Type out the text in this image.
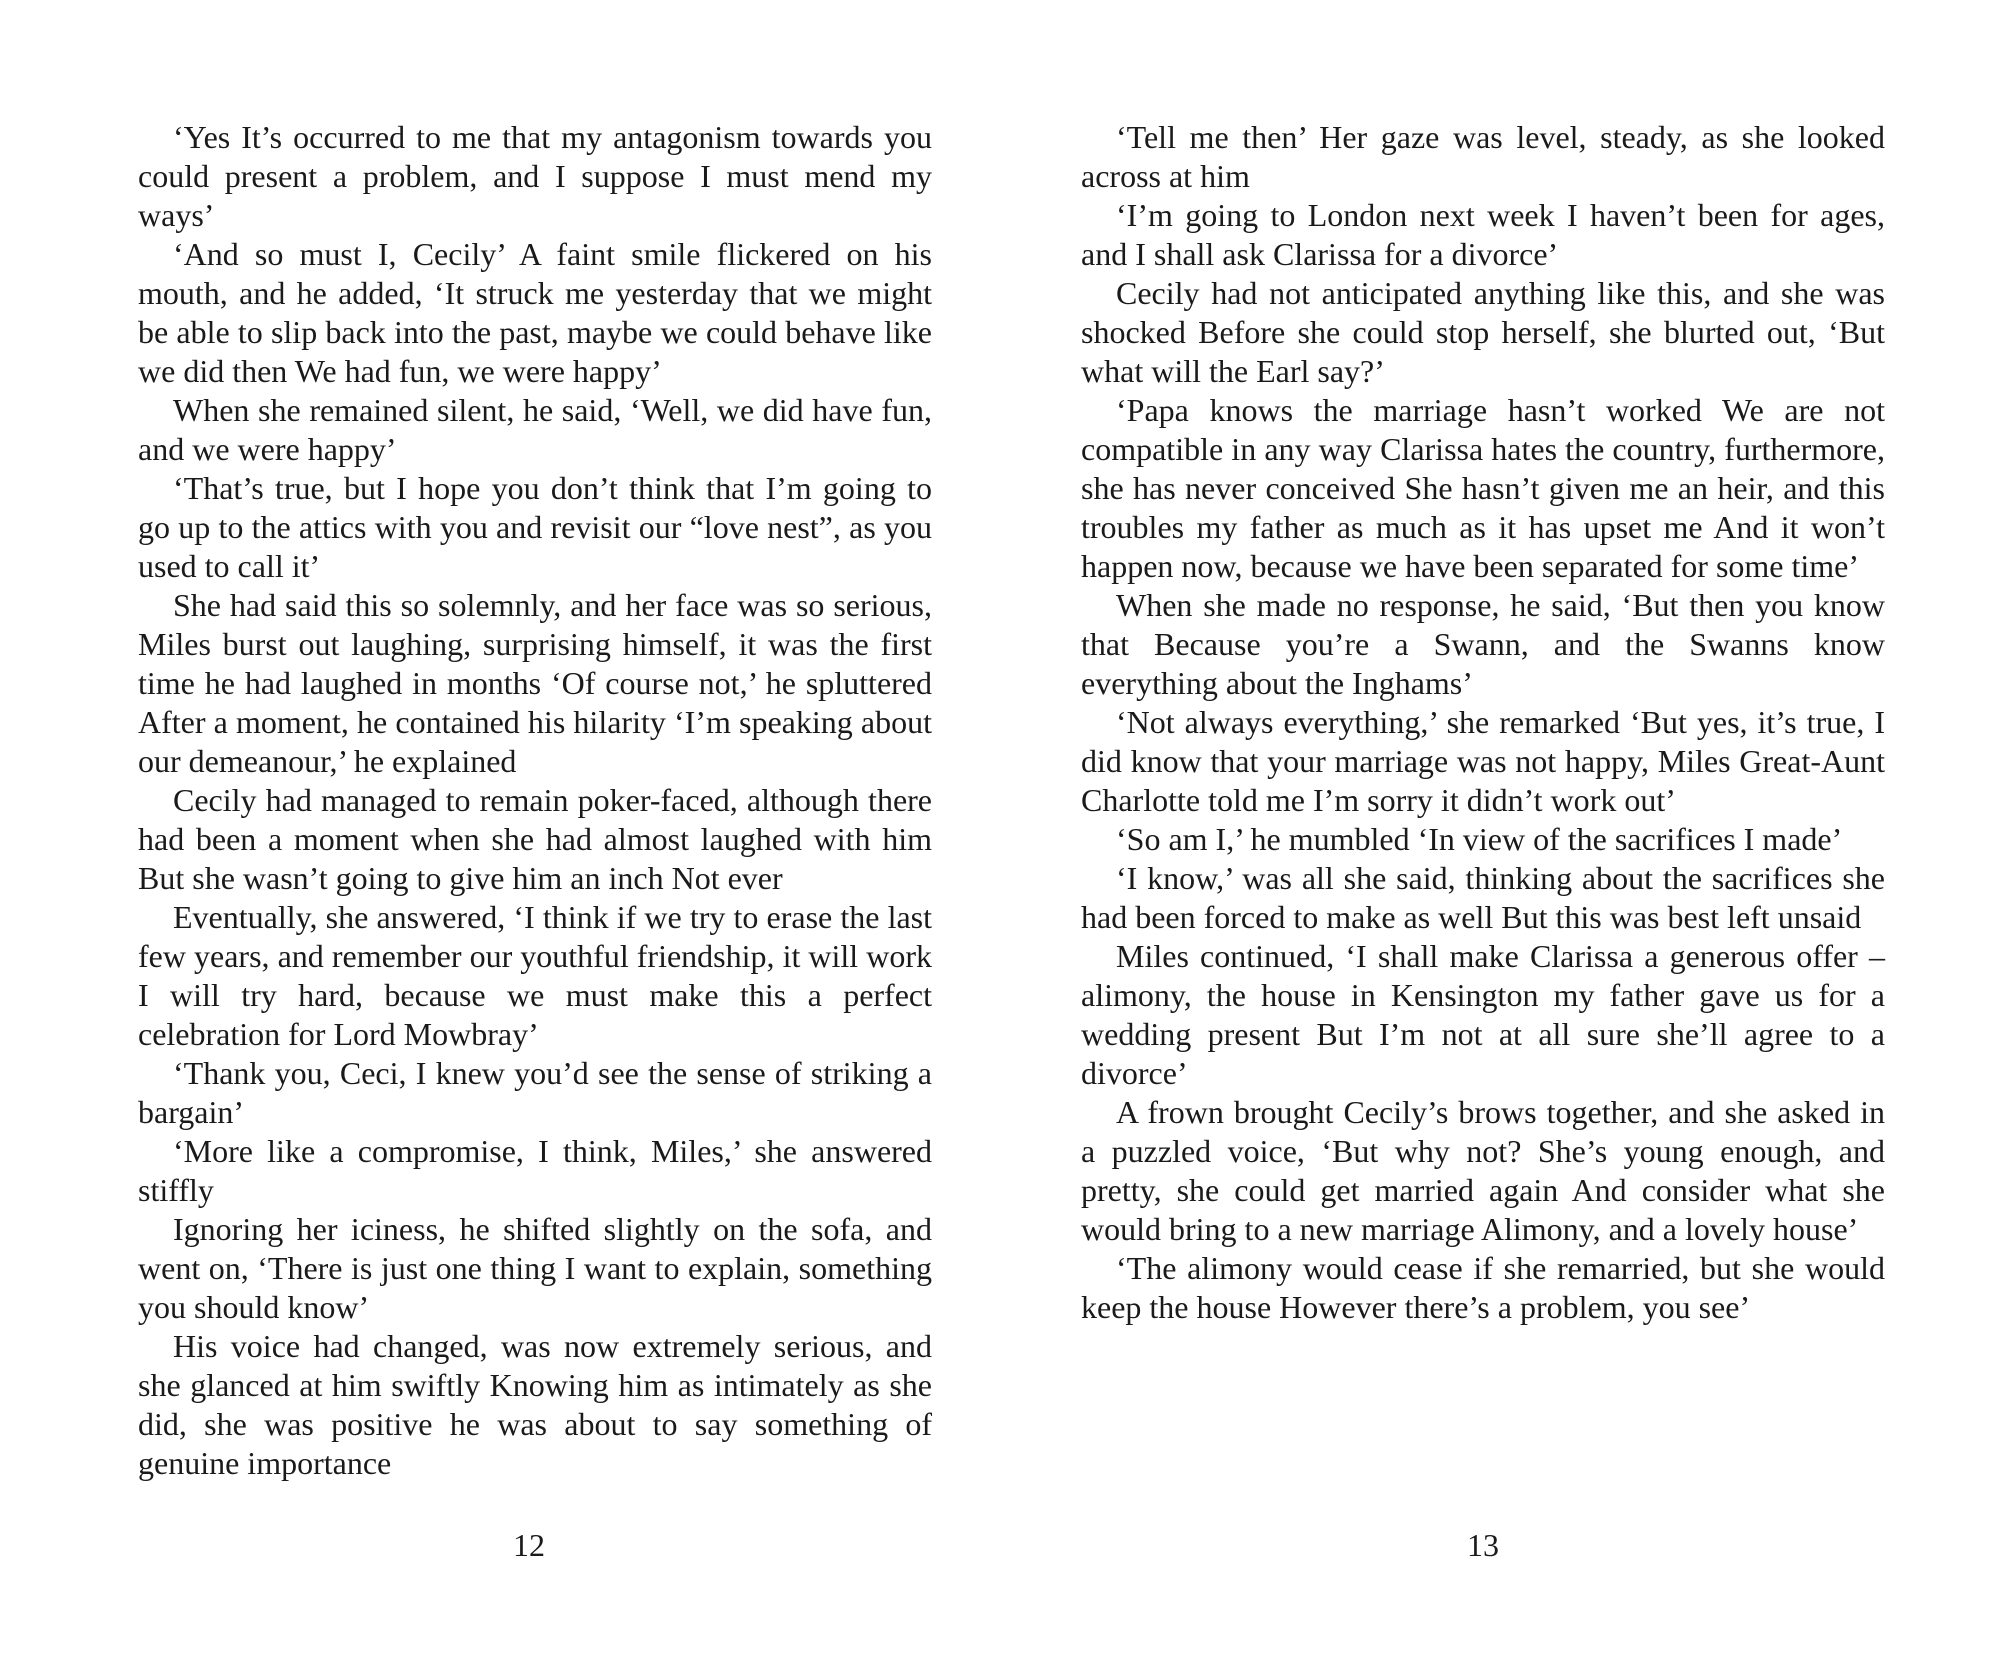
‘Yes It’s occurred to me that my antagonism towards you could present a problem, and I suppose I must mend my ways’

‘And so must I, Cecily’ A faint smile flickered on his mouth, and he added, ‘It struck me yesterday that we might be able to slip back into the past, maybe we could behave like we did then We had fun, we were happy’

When she remained silent, he said, ‘Well, we did have fun, and we were happy’

‘That’s true, but I hope you don’t think that I’m going to go up to the attics with you and revisit our “love nest”, as you used to call it’

She had said this so solemnly, and her face was so serious, Miles burst out laughing, surprising himself, it was the first time he had laughed in months ‘Of course not,’ he spluttered After a moment, he contained his hilarity ‘I’m speaking about our demeanour,’ he explained

Cecily had managed to remain poker-faced, although there had been a moment when she had almost laughed with him But she wasn’t going to give him an inch Not ever

Eventually, she answered, ‘I think if we try to erase the last few years, and remember our youthful friendship, it will work I will try hard, because we must make this a perfect celebration for Lord Mowbray’

‘Thank you, Ceci, I knew you’d see the sense of striking a bargain’

‘More like a compromise, I think, Miles,’ she answered stiffly

Ignoring her iciness, he shifted slightly on the sofa, and went on, ‘There is just one thing I want to explain, something you should know’

His voice had changed, was now extremely serious, and she glanced at him swiftly Knowing him as intimately as she did, she was positive he was about to say something of genuine importance

12

‘Tell me then’ Her gaze was level, steady, as she looked across at him

‘I’m going to London next week I haven’t been for ages, and I shall ask Clarissa for a divorce’

Cecily had not anticipated anything like this, and she was shocked Before she could stop herself, she blurted out, ‘But what will the Earl say?’

‘Papa knows the marriage hasn’t worked We are not compatible in any way Clarissa hates the country, furthermore, she has never conceived She hasn’t given me an heir, and this troubles my father as much as it has upset me And it won’t happen now, because we have been separated for some time’

When she made no response, he said, ‘But then you know that Because you’re a Swann, and the Swanns know everything about the Inghams’

‘Not always everything,’ she remarked ‘But yes, it’s true, I did know that your marriage was not happy, Miles Great-Aunt Charlotte told me I’m sorry it didn’t work out’

‘So am I,’ he mumbled ‘In view of the sacrifices I made’

‘I know,’ was all she said, thinking about the sacrifices she had been forced to make as well But this was best left unsaid

Miles continued, ‘I shall make Clarissa a generous offer – alimony, the house in Kensington my father gave us for a wedding present But I’m not at all sure she’ll agree to a divorce’

A frown brought Cecily’s brows together, and she asked in a puzzled voice, ‘But why not? She’s young enough, and pretty, she could get married again And consider what she would bring to a new marriage Alimony, and a lovely house’

‘The alimony would cease if she remarried, but she would keep the house However there’s a problem, you see’

13
